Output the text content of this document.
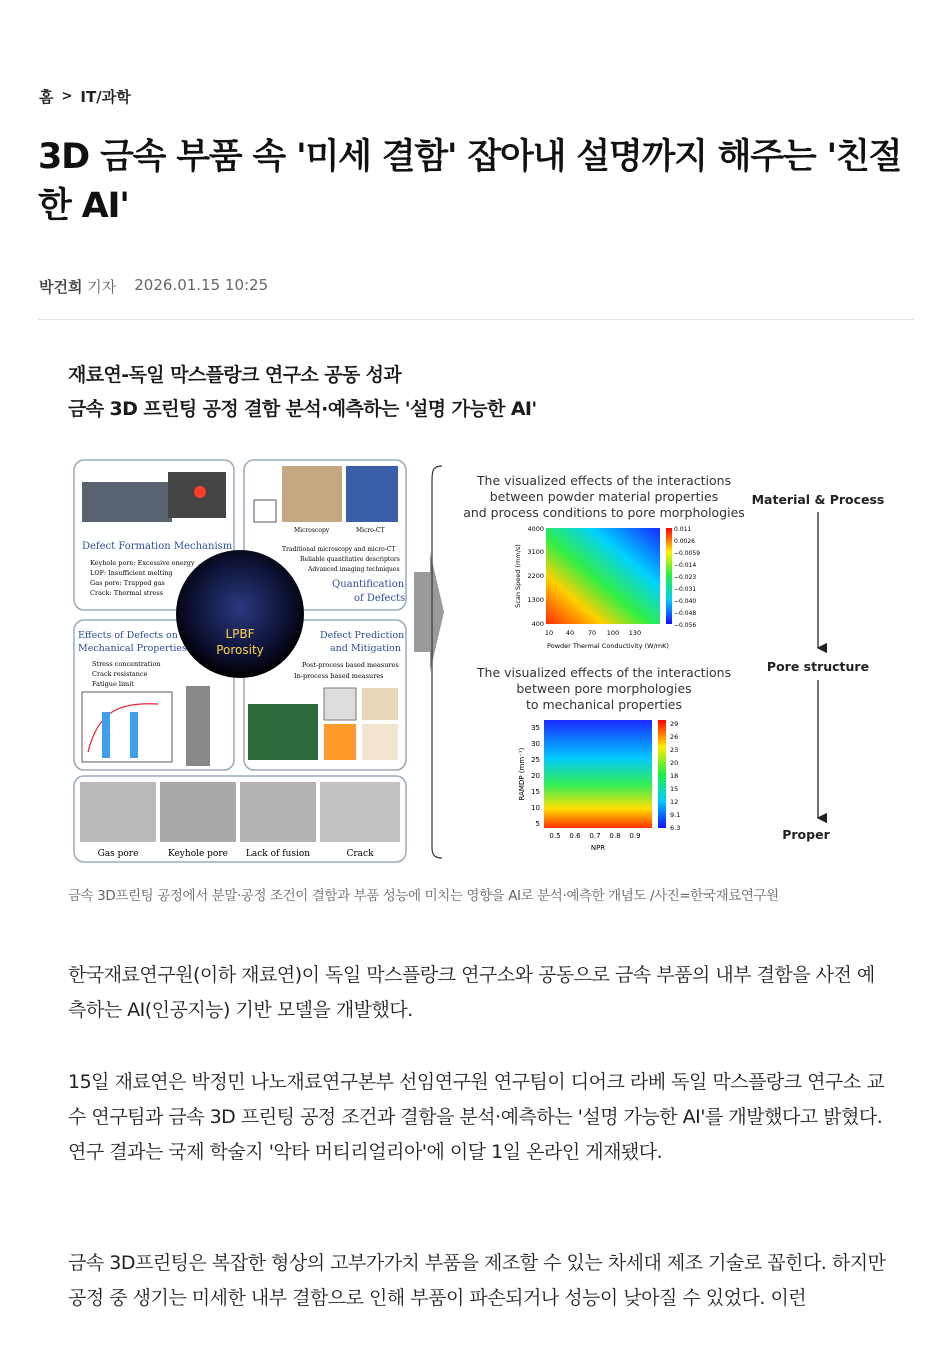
홈 > IT/과학
3D 금속 부품 속 '미세 결함' 잡아내 설명까지 해주는 '친절한 AI'
박건희 기자 2026.01.15 10:25
재료연-독일 막스플랑크 연구소 공동 성과
금속 3D 프린팅 공정 결함 분석·예측하는 '설명 가능한 AI'
Defect Formation Mechanism
Keyhole pore: Excessive energy
LOF: Insufficient melting
Gas pore: Trapped gas
Crack: Thermal stress
Microscopy	Micro-CT
Traditional microscopy and micro-CT
Reliable quantitative descriptors
Advanced imaging techniques
Quantification
of Defects
Effects of Defects on
Mechanical Properties
Stress concentration
Crack resistance
Fatigue limit
Defect Prediction
and Mitigation
Post-process based measures
In-process based measures
LPBF
Porosity
Gas pore	Keyhole pore Lack of fusion	Crack
The visualized effects of the interactions
between powder material properties
and process conditions to pore morphologies
Scan Speed (mm/s)
Powder Thermal Conductivity (W/mK)
4000
3100
2200
1300
400
10 40 70 100 130
0.011
0.0026
−0.0059
−0.014
−0.023
−0.031
−0.040
−0.048
−0.056
The visualized effects of the interactions
between pore morphologies
to mechanical properties
RAMDP (mm⁻¹)
NPR
35
30
25
20
15
10
5
0.5 0.6 0.7 0.8 0.9
29
26
23
20
18
15
12
9.1
6.3
Material & Process
Pore structure
Proper
금속 3D프린팅 공정에서 분말·공정 조건이 결함과 부품 성능에 미치는 영향을 AI로 분석·예측한 개념도 /사진=한국재료연구원

한국재료연구원(이하 재료연)이 독일 막스플랑크 연구소와 공동으로 금속 부품의 내부 결함을 사전 예측하는 AI(인공지능) 기반 모델을 개발했다.

15일 재료연은 박정민 나노재료연구본부 선임연구원 연구팀이 디어크 라베 독일 막스플랑크 연구소 교수 연구팀과 금속 3D 프린팅 공정 조건과 결함을 분석·예측하는 '설명 가능한 AI'를 개발했다고 밝혔다. 연구 결과는 국제 학술지 '악타 머티리얼리아'에 이달 1일 온라인 게재됐다.

금속 3D프린팅은 복잡한 형상의 고부가가치 부품을 제조할 수 있는 차세대 제조 기술로 꼽힌다. 하지만 공정 중 생기는 미세한 내부 결함으로 인해 부품이 파손되거나 성능이 낮아질 수 있었다. 이런
